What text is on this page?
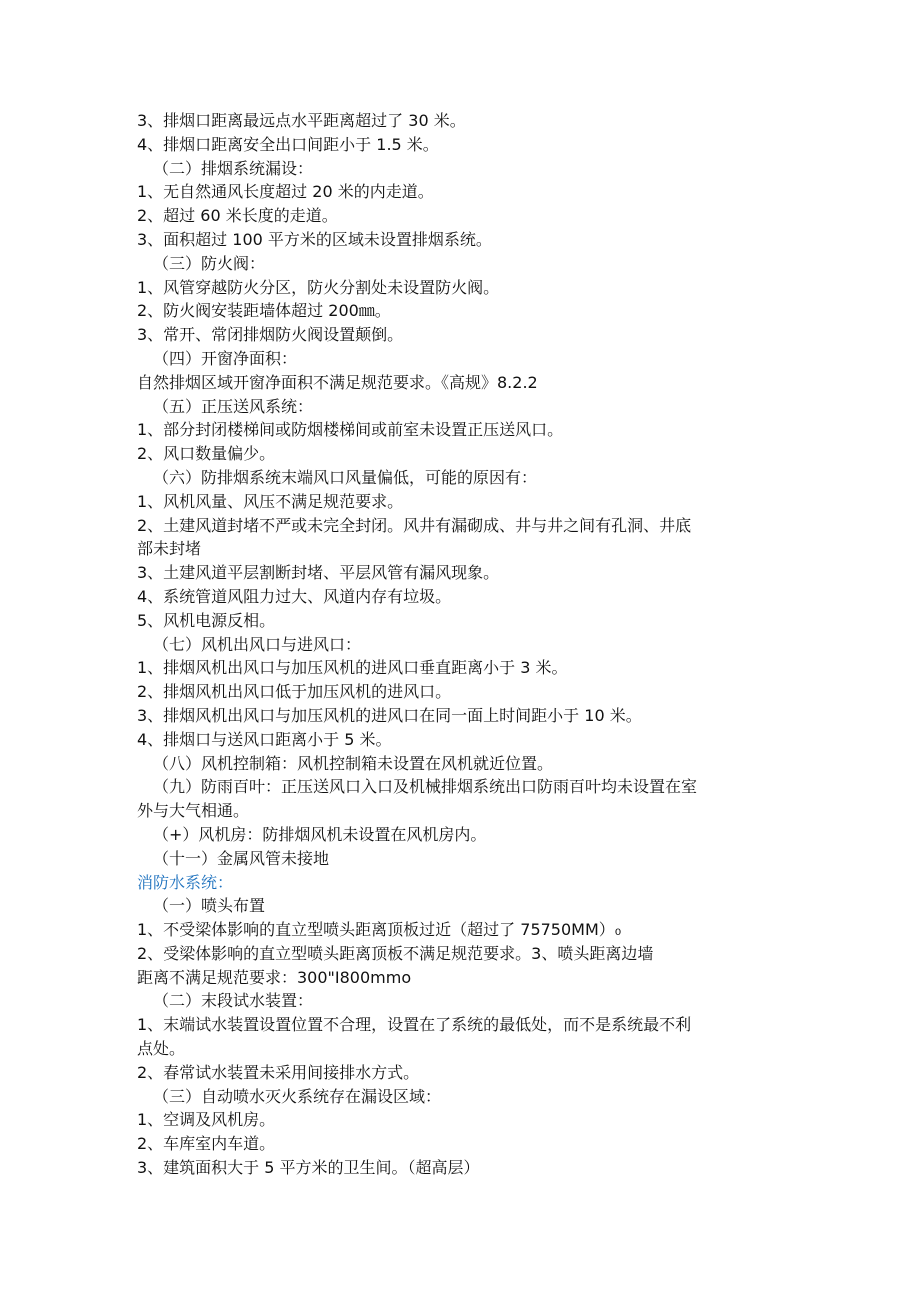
3、排烟口距离最远点水平距离超过了 30 米。
4、排烟口距离安全出口间距小于 1.5 米。
（二）排烟系统漏设：
1、无自然通风长度超过 20 米的内走道。
2、超过 60 米长度的走道。
3、面积超过 100 平方米的区域未设置排烟系统。
（三）防火阀：
1、风管穿越防火分区，防火分割处未设置防火阀。
2、防火阀安装距墙体超过 200㎜。
3、常开、常闭排烟防火阀设置颠倒。
（四）开窗净面积：
自然排烟区域开窗净面积不满足规范要求。《高规》8.2.2
（五）正压送风系统：
1、部分封闭楼梯间或防烟楼梯间或前室未设置正压送风口。
2、风口数量偏少。
（六）防排烟系统末端风口风量偏低，可能的原因有：
1、风机风量、风压不满足规范要求。
2、土建风道封堵不严或未完全封闭。风井有漏砌成、井与井之间有孔洞、井底
部未封堵
3、土建风道平层割断封堵、平层风管有漏风现象。
4、系统管道风阻力过大、风道内存有垃圾。
5、风机电源反相。
（七）风机出风口与进风口：
1、排烟风机出风口与加压风机的进风口垂直距离小于 3 米。
2、排烟风机出风口低于加压风机的进风口。
3、排烟风机出风口与加压风机的进风口在同一面上时间距小于 10 米。
4、排烟口与送风口距离小于 5 米。
（八）风机控制箱：风机控制箱未设置在风机就近位置。
（九）防雨百叶：正压送风口入口及机械排烟系统出口防雨百叶均未设置在室
外与大气相通。
（+）风机房：防排烟风机未设置在风机房内。
（十一）金属风管未接地
消防水系统：
（一）喷头布置
1、不受梁体影响的直立型喷头距离顶板过近（超过了 75750MM）₀
2、受梁体影响的直立型喷头距离顶板不满足规范要求。3、喷头距离边墙
距离不满足规范要求：300"I800mmo
（二）末段试水装置：
1、末端试水装置设置位置不合理，设置在了系统的最低处，而不是系统最不利
点处。
2、春常试水装置未采用间接排水方式。
（三）自动喷水灭火系统存在漏设区域：
1、空调及风机房。
2、车库室内车道。
3、建筑面积大于 5 平方米的卫生间。（超高层）
